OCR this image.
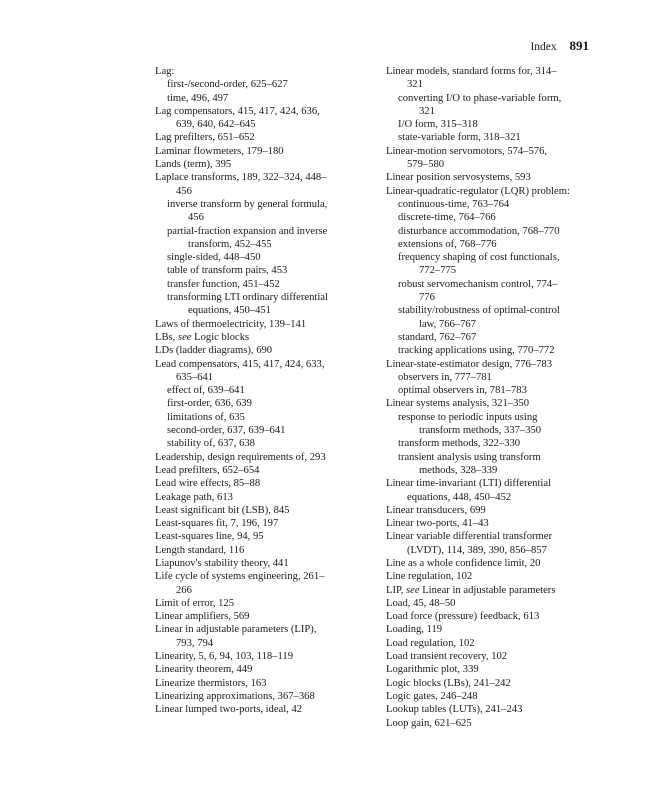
Index 891
Lag:
first-/second-order, 625–627
time, 496, 497
Lag compensators, 415, 417, 424, 636,
639, 640, 642–645
Lag prefilters, 651–652
Laminar flowmeters, 179–180
Lands (term), 395
Laplace transforms, 189, 322–324, 448–
456
inverse transform by general formula,
456
partial-fraction expansion and inverse
transform, 452–455
single-sided, 448–450
table of transform pairs, 453
transfer function, 451–452
transforming LTI ordinary differential
equations, 450–451
Laws of thermoelectricity, 139–141
LBs, see Logic blocks
LDs (ladder diagrams), 690
Lead compensators, 415, 417, 424, 633,
635–641
effect of, 639–641
first-order, 636, 639
limitations of, 635
second-order, 637, 639–641
stability of, 637, 638
Leadership, design requirements of, 293
Lead prefilters, 652–654
Lead wire effects, 85–88
Leakage path, 613
Least significant bit (LSB), 845
Least-squares fit, 7, 196, 197
Least-squares line, 94, 95
Length standard, 116
Liapunov's stability theory, 441
Life cycle of systems engineering, 261–
266
Limit of error, 125
Linear amplifiers, 569
Linear in adjustable parameters (LIP),
793, 794
Linearity, 5, 6, 94, 103, 118–119
Linearity theorem, 449
Linearize thermistors, 163
Linearizing approximations, 367–368
Linear lumped two-ports, ideal, 42
Linear models, standard forms for, 314–
321
converting I/O to phase-variable form,
321
I/O form, 315–318
state-variable form, 318–321
Linear-motion servomotors, 574–576,
579–580
Linear position servosystems, 593
Linear-quadratic-regulator (LQR) problem:
continuous-time, 763–764
discrete-time, 764–766
disturbance accommodation, 768–770
extensions of, 768–776
frequency shaping of cost functionals,
772–775
robust servomechanism control, 774–
776
stability/robustness of optimal-control
law, 766–767
standard, 762–767
tracking applications using, 770–772
Linear-state-estimator design, 776–783
observers in, 777–781
optimal observers in, 781–783
Linear systems analysis, 321–350
response to periodic inputs using
transform methods, 337–350
transform methods, 322–330
transient analysis using transform
methods, 328–339
Linear time-invariant (LTI) differential
equations, 448, 450–452
Linear transducers, 699
Linear two-ports, 41–43
Linear variable differential transformer
(LVDT), 114, 389, 390, 856–857
Line as a whole confidence limit, 20
Line regulation, 102
LIP, see Linear in adjustable parameters
Load, 45, 48–50
Load force (pressure) feedback, 613
Loading, 119
Load regulation, 102
Load transient recovery, 102
Logarithmic plot, 339
Logic blocks (LBs), 241–242
Logic gates, 246–248
Lookup tables (LUTs), 241–243
Loop gain, 621–625
